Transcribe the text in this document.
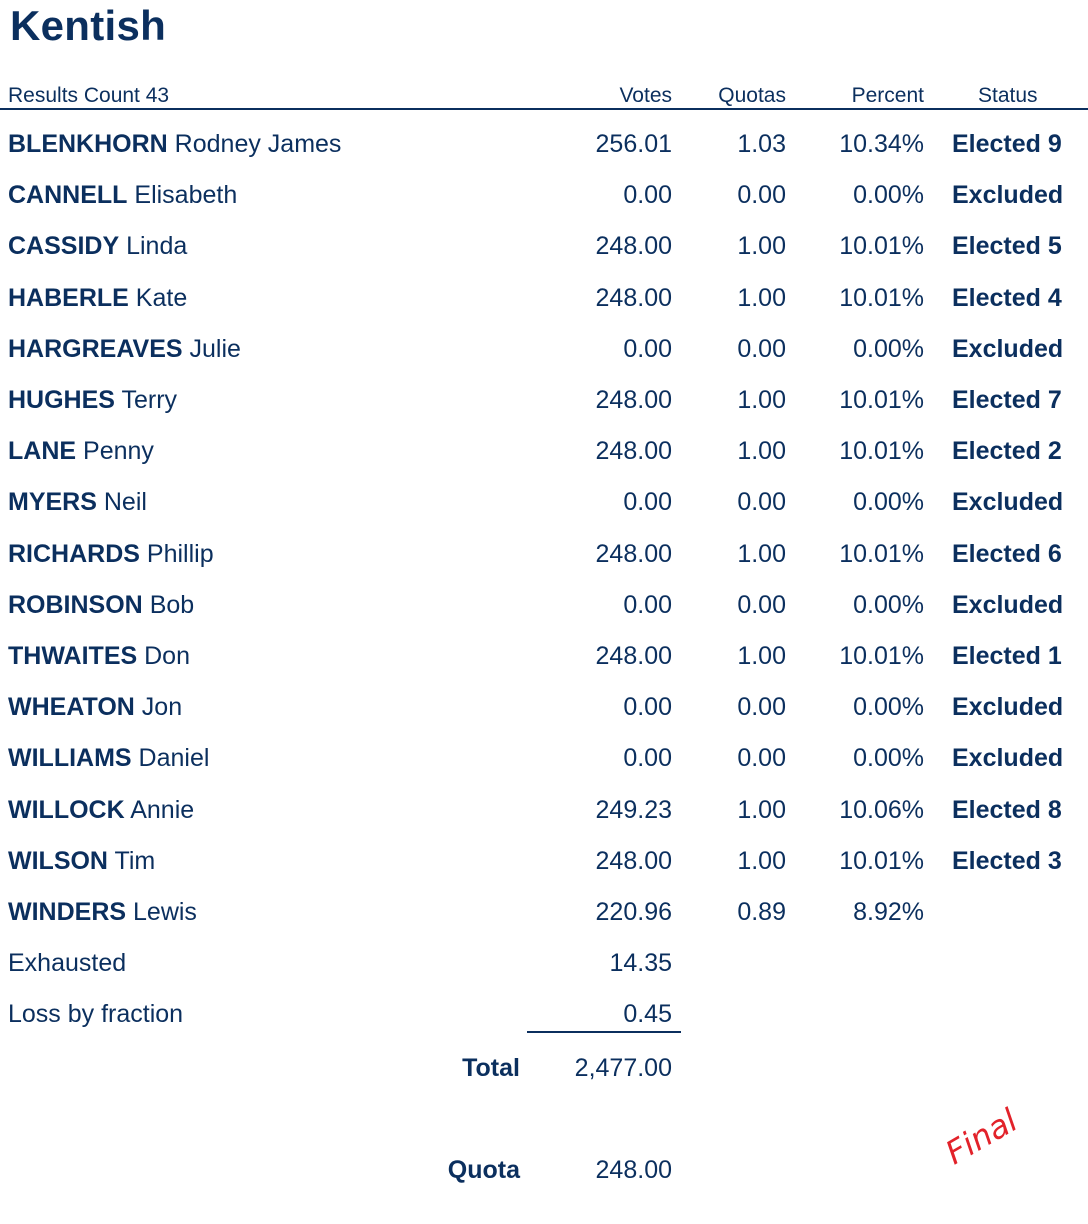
Kentish
Results Count 43	Votes Quotas	Percent	Status
BLENKHORN Rodney James	256.01	1.03 10.34% Elected 9
CANNELL Elisabeth	0.00	0.00	0.00% Excluded
CASSIDY Linda	248.00	1.00 10.01% Elected 5
HABERLE Kate	248.00	1.00 10.01% Elected 4
HARGREAVES Julie	0.00	0.00	0.00% Excluded
HUGHES Terry	248.00	1.00 10.01% Elected 7
LANE Penny	248.00	1.00 10.01% Elected 2
MYERS Neil	0.00	0.00	0.00% Excluded
RICHARDS Phillip	248.00	1.00 10.01% Elected 6
ROBINSON Bob	0.00	0.00	0.00% Excluded
THWAITES Don	248.00	1.00 10.01% Elected 1
WHEATON Jon	0.00	0.00	0.00% Excluded
WILLIAMS Daniel	0.00	0.00	0.00% Excluded
WILLOCK Annie	249.23	1.00 10.06% Elected 8
WILSON Tim	248.00	1.00 10.01% Elected 3
WINDERS Lewis	220.96	0.89	8.92%
Exhausted	14.35
Loss by fraction	0.45
Total 2,477.00
Quota	248.00	Final
